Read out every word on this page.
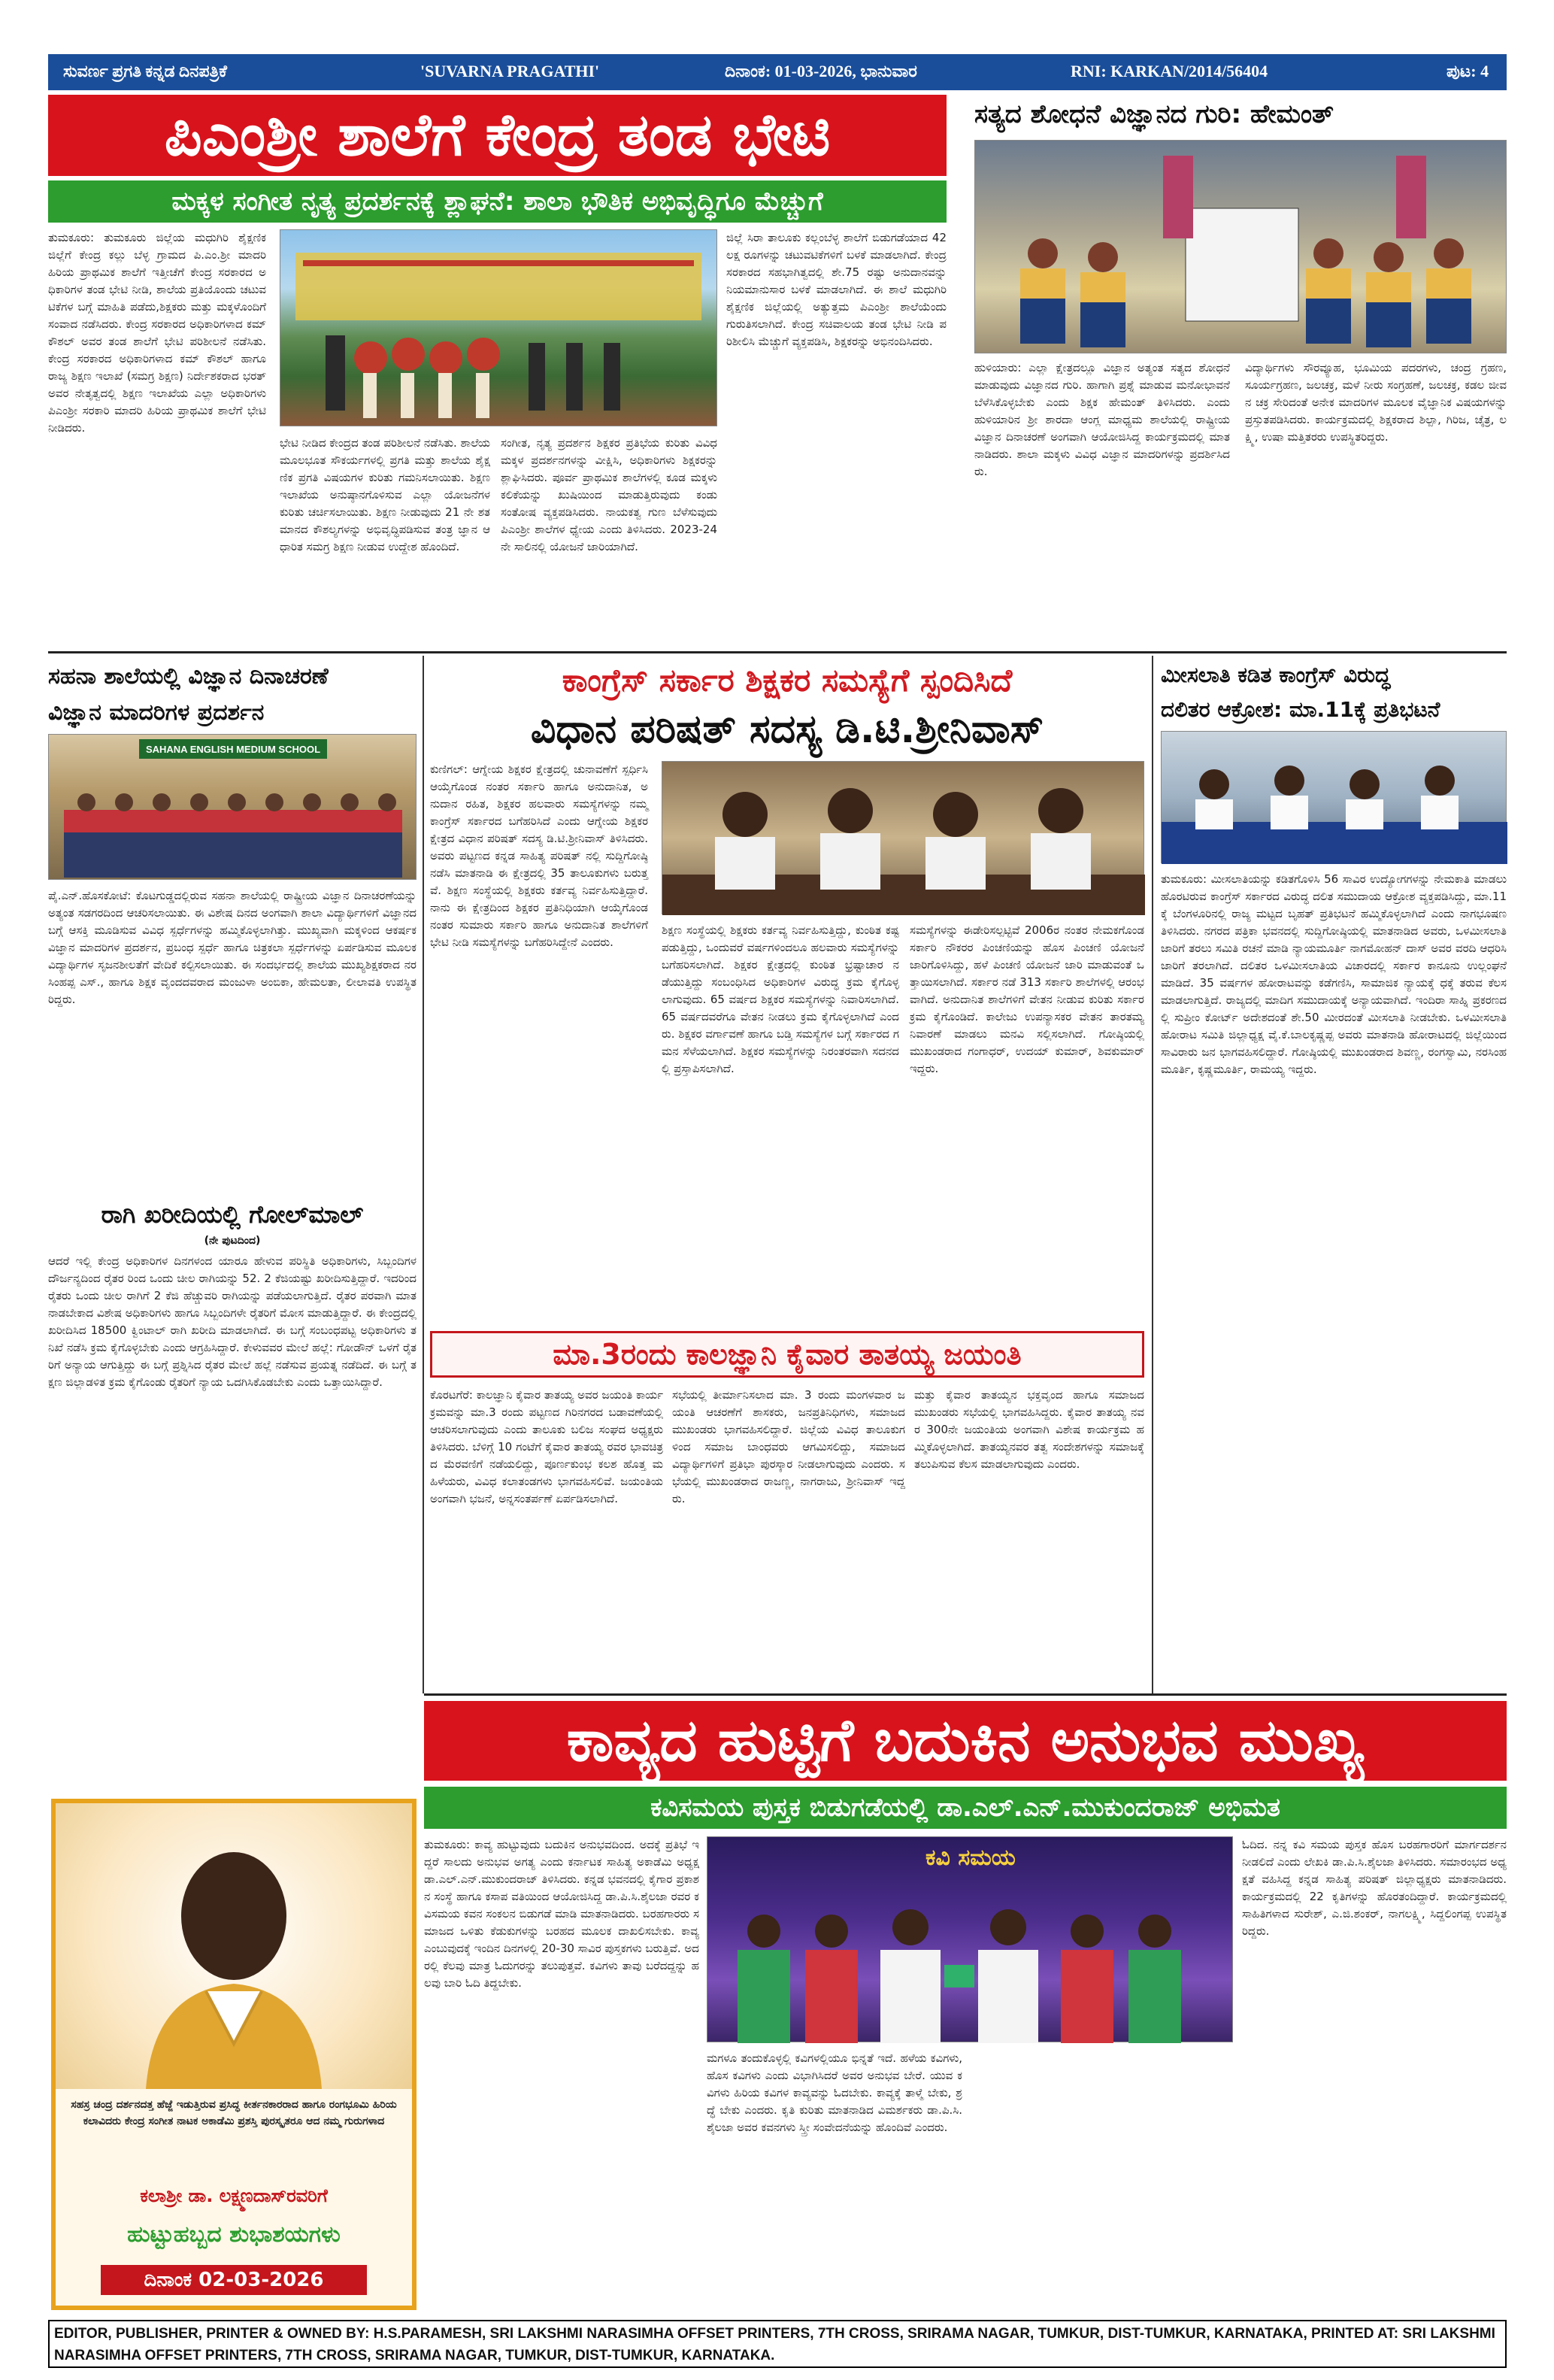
ಸುವರ್ಣ ಪ್ರಗತಿ ಕನ್ನಡ ದಿನಪತ್ರಿಕೆ	'SUVARNA PRAGATHI'	ದಿನಾಂಕ: 01-03-2026, ಭಾನುವಾರ	RNI: KARKAN/2014/56404	ಪುಟ: 4
ಪಿಎಂಶ್ರೀ ಶಾಲೆಗೆ ಕೇಂದ್ರ ತಂಡ ಭೇಟಿ
ಮಕ್ಕಳ ಸಂಗೀತ ನೃತ್ಯ ಪ್ರದರ್ಶನಕ್ಕೆ ಶ್ಲಾಘನೆ: ಶಾಲಾ ಭೌತಿಕ ಅಭಿವೃದ್ಧಿಗೂ ಮೆಚ್ಚುಗೆ
ತುಮಕೂರು: ತುಮಕೂರು ಜಿಲ್ಲೆಯ ಮಧುಗಿರಿ ಶೈಕ್ಷಣಿಕ ಜಿಲ್ಲೆಗೆ ಕೇಂದ್ರ ಕಲ್ಲು ಬೆಳ್ಳ ಗ್ರಾಮದ ಪಿ.ಎಂ.ಶ್ರೀ ಮಾದರಿ ಹಿರಿಯ ಪ್ರಾಥಮಿಕ ಶಾಲೆಗೆ ಇತ್ತೀಚೆಗೆ ಕೇಂದ್ರ ಸರಕಾರದ ಅಧಿಕಾರಿಗಳ ತಂಡ ಭೇಟಿ ನೀಡಿ, ಶಾಲೆಯ ಪ್ರತಿಯೊಂದು ಚಟುವಟಿಕೆಗಳ ಬಗ್ಗೆ ಮಾಹಿತಿ ಪಡೆದು,ಶಿಕ್ಷಕರು ಮತ್ತು ಮಕ್ಕಳೊಂದಿಗೆ ಸಂವಾದ ನಡೆಸಿದರು. ಕೇಂದ್ರ ಸರಕಾರದ ಅಧಿಕಾರಿಗಳಾದ ಕಮ್ ಕೌಶಲ್ ಅವರ ತಂಡ ಶಾಲೆಗೆ ಭೇಟಿ ಪರಿಶೀಲನೆ ನಡೆಸಿತು. ಕೇಂದ್ರ ಸರಕಾರದ ಅಧಿಕಾರಿಗಳಾದ ಕಮ್ ಕೌಶಲ್ ಹಾಗೂ ರಾಜ್ಯ ಶಿಕ್ಷಣ ಇಲಾಖೆ (ಸಮಗ್ರ ಶಿಕ್ಷಣ) ನಿರ್ದೇಶಕರಾದ ಭರತ್ ಅವರ ನೇತೃತ್ವದಲ್ಲಿ ಶಿಕ್ಷಣ ಇಲಾಖೆಯ ಎಲ್ಲಾ ಅಧಿಕಾರಿಗಳು ಪಿಎಂಶ್ರೀ ಸರಕಾರಿ ಮಾದರಿ ಹಿರಿಯ ಪ್ರಾಥಮಿಕ ಶಾಲೆಗೆ ಭೇಟಿ ನೀಡಿದರು.
ಜಿಲ್ಲೆ ಸಿರಾ ತಾಲೂಕು ಕಲ್ಲಂಬೆಳ್ಳ ಶಾಲೆಗೆ ಬಿಡುಗಡೆಯಾದ 42 ಲಕ್ಷ ರೂಗಳನ್ನು ಚಟುವಟಿಕೆಗಳಿಗೆ ಬಳಕೆ ಮಾಡಲಾಗಿದೆ. ಕೇಂದ್ರ ಸರಕಾರದ ಸಹಭಾಗಿತ್ವದಲ್ಲಿ ಶೇ.75 ರಷ್ಟು ಅನುದಾನವನ್ನು ನಿಯಮಾನುಸಾರ ಬಳಕೆ ಮಾಡಲಾಗಿದೆ. ಈ ಶಾಲೆ ಮಧುಗಿರಿ ಶೈಕ್ಷಣಿಕ ಜಿಲ್ಲೆಯಲ್ಲಿ ಅತ್ಯುತ್ತಮ ಪಿಎಂಶ್ರೀ ಶಾಲೆಯೆಂದು ಗುರುತಿಸಲಾಗಿದೆ. ಕೇಂದ್ರ ಸಚಿವಾಲಯ ತಂಡ ಭೇಟಿ ನೀಡಿ ಪರಿಶೀಲಿಸಿ ಮೆಚ್ಚುಗೆ ವ್ಯಕ್ತಪಡಿಸಿ, ಶಿಕ್ಷಕರನ್ನು ಅಭಿನಂದಿಸಿದರು.
ಭೇಟಿ ನೀಡಿದ ಕೇಂದ್ರದ ತಂಡ ಪರಿಶೀಲನೆ ನಡೆಸಿತು. ಶಾಲೆಯ ಮೂಲಭೂತ ಸೌಕರ್ಯಗಳಲ್ಲಿ ಪ್ರಗತಿ ಮತ್ತು ಶಾಲೆಯ ಶೈಕ್ಷಣಿಕ ಪ್ರಗತಿ ವಿಷಯಗಳ ಕುರಿತು ಗಮನಿಸಲಾಯಿತು. ಶಿಕ್ಷಣ ಇಲಾಖೆಯ ಅನುಷ್ಠಾನಗೊಳಿಸುವ ಎಲ್ಲಾ ಯೋಜನೆಗಳ ಕುರಿತು ಚರ್ಚಿಸಲಾಯಿತು. ಶಿಕ್ಷಣ ನೀಡುವುದು 21 ನೇ ಶತಮಾನದ ಕೌಶಲ್ಯಗಳನ್ನು ಅಭಿವೃದ್ಧಿಪಡಿಸುವ ತಂತ್ರ ಜ್ಞಾನ ಆಧಾರಿತ ಸಮಗ್ರ ಶಿಕ್ಷಣ ನೀಡುವ ಉದ್ದೇಶ ಹೊಂದಿದೆ.
ಸಂಗೀತ, ನೃತ್ಯ ಪ್ರದರ್ಶನ ಶಿಕ್ಷಕರ ಪ್ರತಿಭೆಯ ಕುರಿತು ವಿವಿಧ ಮಕ್ಕಳ ಪ್ರದರ್ಶನಗಳನ್ನು ವೀಕ್ಷಿಸಿ, ಅಧಿಕಾರಿಗಳು ಶಿಕ್ಷಕರನ್ನು ಶ್ಲಾಘಿಸಿದರು. ಪೂರ್ವ ಪ್ರಾಥಮಿಕ ಶಾಲೆಗಳಲ್ಲಿ ಕೂಡ ಮಕ್ಕಳು ಕಲಿಕೆಯನ್ನು ಖುಷಿಯಿಂದ ಮಾಡುತ್ತಿರುವುದು ಕಂಡು ಸಂತೋಷ ವ್ಯಕ್ತಪಡಿಸಿದರು. ನಾಯಕತ್ವ ಗುಣ ಬೆಳೆಸುವುದು ಪಿಎಂಶ್ರೀ ಶಾಲೆಗಳ ಧ್ಯೇಯ ಎಂದು ತಿಳಿಸಿದರು. 2023-24ನೇ ಸಾಲಿನಲ್ಲಿ ಯೋಜನೆ ಜಾರಿಯಾಗಿದೆ.
ಸತ್ಯದ ಶೋಧನೆ ವಿಜ್ಞಾನದ ಗುರಿ: ಹೇಮಂತ್
ಹುಳಿಯಾರು: ಎಲ್ಲಾ ಕ್ಷೇತ್ರದಲ್ಲೂ ವಿಜ್ಞಾನ ಅತ್ಯಂತ ಸತ್ಯದ ಶೋಧನೆ ಮಾಡುವುದು ವಿಜ್ಞಾನದ ಗುರಿ. ಹಾಗಾಗಿ ಪ್ರಶ್ನೆ ಮಾಡುವ ಮನೋಭಾವನೆ ಬೆಳೆಸಿಕೊಳ್ಳಬೇಕು ಎಂದು ಶಿಕ್ಷಕ ಹೇಮಂತ್ ತಿಳಿಸಿದರು. ಎಂದು ಹುಳಿಯಾರಿನ ಶ್ರೀ ಶಾರದಾ ಆಂಗ್ಲ ಮಾಧ್ಯಮ ಶಾಲೆಯಲ್ಲಿ ರಾಷ್ಟ್ರೀಯ ವಿಜ್ಞಾನ ದಿನಾಚರಣೆ ಅಂಗವಾಗಿ ಆಯೋಜಿಸಿದ್ದ ಕಾರ್ಯಕ್ರಮದಲ್ಲಿ ಮಾತನಾಡಿದರು. ಶಾಲಾ ಮಕ್ಕಳು ವಿವಿಧ ವಿಜ್ಞಾನ ಮಾದರಿಗಳನ್ನು ಪ್ರದರ್ಶಿಸಿದರು.
ವಿದ್ಯಾರ್ಥಿಗಳು ಸೌರವ್ಯೂಹ, ಭೂಮಿಯ ಪದರಗಳು, ಚಂದ್ರ ಗ್ರಹಣ, ಸೂರ್ಯಗ್ರಹಣ, ಜಲಚಕ್ರ, ಮಳೆ ನೀರು ಸಂಗ್ರಹಣೆ, ಜಲಚಕ್ರ, ಕಡಲ ಜೀವನ ಚಕ್ರ ಸೇರಿದಂತೆ ಅನೇಕ ಮಾದರಿಗಳ ಮೂಲಕ ವೈಜ್ಞಾನಿಕ ವಿಷಯಗಳನ್ನು ಪ್ರಸ್ತುತಪಡಿಸಿದರು. ಕಾರ್ಯಕ್ರಮದಲ್ಲಿ ಶಿಕ್ಷಕರಾದ ಶಿಲ್ಪಾ, ಗಿರಿಜ, ಚೈತ್ರ, ಲಕ್ಷ್ಮಿ, ಉಷಾ ಮತ್ತಿತರರು ಉಪಸ್ಥಿತರಿದ್ದರು.
ಸಹನಾ ಶಾಲೆಯಲ್ಲಿ ವಿಜ್ಞಾನ ದಿನಾಚರಣೆ
ವಿಜ್ಞಾನ ಮಾದರಿಗಳ ಪ್ರದರ್ಶನ
SAHANA ENGLISH MEDIUM SCHOOL
ಪೈ.ಎನ್.ಹೊಸಕೋಟೆ: ಕೊಟಗುಡ್ಡದಲ್ಲಿರುವ ಸಹನಾ ಶಾಲೆಯಲ್ಲಿ ರಾಷ್ಟ್ರೀಯ ವಿಜ್ಞಾನ ದಿನಾಚರಣೆಯನ್ನು ಅತ್ಯಂತ ಸಡಗರದಿಂದ ಆಚರಿಸಲಾಯಿತು. ಈ ವಿಶೇಷ ದಿನದ ಅಂಗವಾಗಿ ಶಾಲಾ ವಿದ್ಯಾರ್ಥಿಗಳಿಗೆ ವಿಜ್ಞಾನದ ಬಗ್ಗೆ ಆಸಕ್ತಿ ಮೂಡಿಸುವ ವಿವಿಧ ಸ್ಪರ್ಧೆಗಳನ್ನು ಹಮ್ಮಿಕೊಳ್ಳಲಾಗಿತ್ತು. ಮುಖ್ಯವಾಗಿ ಮಕ್ಕಳಿಂದ ಆಕರ್ಷಕ ವಿಜ್ಞಾನ ಮಾದರಿಗಳ ಪ್ರದರ್ಶನ, ಪ್ರಬಂಧ ಸ್ಪರ್ಧೆ ಹಾಗೂ ಚಿತ್ರಕಲಾ ಸ್ಪರ್ಧೆಗಳನ್ನು ಏರ್ಪಡಿಸುವ ಮೂಲಕ ವಿದ್ಯಾರ್ಥಿಗಳ ಸೃಜನಶೀಲತೆಗೆ ವೇದಿಕೆ ಕಲ್ಪಿಸಲಾಯಿತು. ಈ ಸಂದರ್ಭದಲ್ಲಿ ಶಾಲೆಯ ಮುಖ್ಯಶಿಕ್ಷಕರಾದ ನರಸಿಂಹಪ್ಪ ಎಸ್., ಹಾಗೂ ಶಿಕ್ಷಕ ವೃಂದದವರಾದ ಮಂಜುಳಾ ಅಂಬಿಕಾ, ಹೇಮಲತಾ, ಲೀಲಾವತಿ ಉಪಸ್ಥಿತರಿದ್ದರು.
ರಾಗಿ ಖರೀದಿಯಲ್ಲಿ ಗೋಲ್‌ಮಾಲ್
(ನೇ ಪುಟದಿಂದ)
ಆದರೆ ಇಲ್ಲಿ ಕೇಂದ್ರ ಅಧಿಕಾರಿಗಳ ದಿನಗಳಂದ ಯಾರೂ ಹೇಳುವ ಪರಿಸ್ಥಿತಿ ಅಧಿಕಾರಿಗಳು, ಸಿಬ್ಬಂದಿಗಳ ದೌರ್ಜನ್ಯದಿಂದ ರೈತರ ರಿಂದ ಒಂದು ಚೀಲ ರಾಗಿಯನ್ನು 52. 2 ಕೆಜಿಯಷ್ಟು ಖರೀದಿಸುತ್ತಿದ್ದಾರೆ. ಇದರಿಂದ ರೈತರು ಒಂದು ಚೀಲ ರಾಗಿಗೆ 2 ಕೆಜಿ ಹೆಚ್ಚುವರಿ ರಾಗಿಯನ್ನು ಪಡೆಯಲಾಗುತ್ತಿದೆ. ರೈತರ ಪರವಾಗಿ ಮಾತನಾಡಬೇಕಾದ ವಿಶೇಷ ಅಧಿಕಾರಿಗಳು ಹಾಗೂ ಸಿಬ್ಬಂದಿಗಳೇ ರೈತರಿಗೆ ಮೋಸ ಮಾಡುತ್ತಿದ್ದಾರೆ. ಈ ಕೇಂದ್ರದಲ್ಲಿ ಖರೀದಿಸಿದ 18500 ಕ್ವಿಂಟಾಲ್ ರಾಗಿ ಖರೀದಿ ಮಾಡಲಾಗಿದೆ. ಈ ಬಗ್ಗೆ ಸಂಬಂಧಪಟ್ಟ ಅಧಿಕಾರಿಗಳು ತನಿಖೆ ನಡೆಸಿ ಕ್ರಮ ಕೈಗೊಳ್ಳಬೇಕು ಎಂದು ಆಗ್ರಹಿಸಿದ್ದಾರೆ. ಕೇಳುವವರ ಮೇಲೆ ಹಲ್ಲೆ: ಗೋಡೌನ್ ಒಳಗೆ ರೈತರಿಗೆ ಅನ್ಯಾಯ ಆಗುತ್ತಿದ್ದು ಈ ಬಗ್ಗೆ ಪ್ರಶ್ನಿಸಿದ ರೈತರ ಮೇಲೆ ಹಲ್ಲೆ ನಡೆಸುವ ಪ್ರಯತ್ನ ನಡೆದಿದೆ. ಈ ಬಗ್ಗೆ ತಕ್ಷಣ ಜಿಲ್ಲಾಡಳಿತ ಕ್ರಮ ಕೈಗೊಂಡು ರೈತರಿಗೆ ನ್ಯಾಯ ಒದಗಿಸಿಕೊಡಬೇಕು ಎಂದು ಒತ್ತಾಯಿಸಿದ್ದಾರೆ.
ಸಹಸ್ರ ಚಂದ್ರ ದರ್ಶನದತ್ತ ಹೆಜ್ಜೆ ಇಡುತ್ತಿರುವ ಪ್ರಸಿದ್ಧ ಕೀರ್ತನಕಾರರಾದ ಹಾಗೂ ರಂಗಭೂಮಿ ಹಿರಿಯ ಕಲಾವಿದರು ಕೇಂದ್ರ ಸಂಗೀತ ನಾಟಕ ಅಕಾಡೆಮಿ ಪ್ರಶಸ್ತಿ ಪುರಸ್ಕೃತರೂ ಆದ ನಮ್ಮ ಗುರುಗಳಾದ
ಕಲಾಶ್ರೀ ಡಾ. ಲಕ್ಷ್ಮಣದಾಸ್‌ರವರಿಗೆ
ಹುಟ್ಟುಹಬ್ಬದ ಶುಭಾಶಯಗಳು
ದಿನಾಂಕ 02-03-2026
ಕಾಂಗ್ರೆಸ್ ಸರ್ಕಾರ ಶಿಕ್ಷಕರ ಸಮಸ್ಯೆಗೆ ಸ್ಪಂದಿಸಿದೆ
ವಿಧಾನ ಪರಿಷತ್ ಸದಸ್ಯ ಡಿ.ಟಿ.ಶ್ರೀನಿವಾಸ್
ಕುಣಿಗಲ್: ಆಗ್ನೇಯ ಶಿಕ್ಷಕರ ಕ್ಷೇತ್ರದಲ್ಲಿ ಚುನಾವಣೆಗೆ ಸ್ಪರ್ಧಿಸಿ ಆಯ್ಕೆಗೊಂಡ ನಂತರ ಸರ್ಕಾರಿ ಹಾಗೂ ಅನುದಾನಿತ, ಅನುದಾನ ರಹಿತ, ಶಿಕ್ಷಕರ ಹಲವಾರು ಸಮಸ್ಯೆಗಳನ್ನು ನಮ್ಮ ಕಾಂಗ್ರೆಸ್ ಸರ್ಕಾರದ ಬಗೆಹರಿಸಿದೆ ಎಂದು ಆಗ್ನೇಯ ಶಿಕ್ಷಕರ ಕ್ಷೇತ್ರದ ವಿಧಾನ ಪರಿಷತ್ ಸದಸ್ಯ ಡಿ.ಟಿ.ಶ್ರೀನಿವಾಸ್ ತಿಳಿಸಿದರು. ಅವರು ಪಟ್ಟಣದ ಕನ್ನಡ ಸಾಹಿತ್ಯ ಪರಿಷತ್ ನಲ್ಲಿ ಸುದ್ದಿಗೋಷ್ಠಿ ನಡೆಸಿ ಮಾತನಾಡಿ ಈ ಕ್ಷೇತ್ರದಲ್ಲಿ 35 ತಾಲೂಕುಗಳು ಬರುತ್ತವೆ. ಶಿಕ್ಷಣ ಸಂಸ್ಥೆಯಲ್ಲಿ ಶಿಕ್ಷಕರು ಕರ್ತವ್ಯ ನಿರ್ವಹಿಸುತ್ತಿದ್ದಾರೆ. ನಾನು ಈ ಕ್ಷೇತ್ರದಿಂದ ಶಿಕ್ಷಕರ ಪ್ರತಿನಿಧಿಯಾಗಿ ಆಯ್ಕೆಗೊಂಡ ನಂತರ ಸುಮಾರು ಸರ್ಕಾರಿ ಹಾಗೂ ಅನುದಾನಿತ ಶಾಲೆಗಳಿಗೆ ಭೇಟಿ ನೀಡಿ ಸಮಸ್ಯೆಗಳನ್ನು ಬಗೆಹರಿಸಿದ್ದೇನೆ ಎಂದರು.
ಶಿಕ್ಷಣ ಸಂಸ್ಥೆಯಲ್ಲಿ ಶಿಕ್ಷಕರು ಕರ್ತವ್ಯ ನಿರ್ವಹಿಸುತ್ತಿದ್ದು, ಕುಂಠಿತ ಕಷ್ಟಪಡುತ್ತಿದ್ದು, ಒಂದುವರೆ ವರ್ಷಗಳಿಂದಲೂ ಹಲವಾರು ಸಮಸ್ಯೆಗಳನ್ನು ಬಗೆಹರಿಸಲಾಗಿದೆ. ಶಿಕ್ಷಕರ ಕ್ಷೇತ್ರದಲ್ಲಿ ಕುಂಠಿತ ಭ್ರಷ್ಟಾಚಾರ ನಡೆಯುತ್ತಿದ್ದು ಸಂಬಂಧಿಸಿದ ಅಧಿಕಾರಿಗಳ ವಿರುದ್ಧ ಕ್ರಮ ಕೈಗೊಳ್ಳಲಾಗುವುದು. 65 ವರ್ಷದ ಶಿಕ್ಷಕರ ಸಮಸ್ಯೆಗಳನ್ನು ನಿವಾರಿಸಲಾಗಿದೆ. 65 ವರ್ಷದವರೆಗೂ ವೇತನ ನೀಡಲು ಕ್ರಮ ಕೈಗೊಳ್ಳಲಾಗಿದೆ ಎಂದರು. ಶಿಕ್ಷಕರ ವರ್ಗಾವಣೆ ಹಾಗೂ ಬಡ್ತಿ ಸಮಸ್ಯೆಗಳ ಬಗ್ಗೆ ಸರ್ಕಾರದ ಗಮನ ಸೆಳೆಯಲಾಗಿದೆ. ಶಿಕ್ಷಕರ ಸಮಸ್ಯೆಗಳನ್ನು ನಿರಂತರವಾಗಿ ಸದನದಲ್ಲಿ ಪ್ರಸ್ತಾಪಿಸಲಾಗಿದೆ.
ಸಮಸ್ಯೆಗಳನ್ನು ಈಡೇರಿಸಲ್ಪಟ್ಟಿವೆ 2006ರ ನಂತರ ನೇಮಕಗೊಂಡ ಸರ್ಕಾರಿ ನೌಕರರ ಪಿಂಚಣಿಯನ್ನು ಹೊಸ ಪಿಂಚಣಿ ಯೋಜನೆ ಜಾರಿಗೊಳಿಸಿದ್ದು, ಹಳೆ ಪಿಂಚಣಿ ಯೋಜನೆ ಜಾರಿ ಮಾಡುವಂತೆ ಒತ್ತಾಯಿಸಲಾಗಿದೆ. ಸರ್ಕಾರ ನಡೆ 313 ಸರ್ಕಾರಿ ಶಾಲೆಗಳಲ್ಲಿ ಆರಂಭವಾಗಿದೆ. ಅನುದಾನಿತ ಶಾಲೆಗಳಿಗೆ ವೇತನ ನೀಡುವ ಕುರಿತು ಸರ್ಕಾರ ಕ್ರಮ ಕೈಗೊಂಡಿದೆ. ಕಾಲೇಜು ಉಪನ್ಯಾಸಕರ ವೇತನ ತಾರತಮ್ಯ ನಿವಾರಣೆ ಮಾಡಲು ಮನವಿ ಸಲ್ಲಿಸಲಾಗಿದೆ. ಗೋಷ್ಠಿಯಲ್ಲಿ ಮುಖಂಡರಾದ ಗಂಗಾಧರ್, ಉದಯ್ ಕುಮಾರ್, ಶಿವಕುಮಾರ್ ಇದ್ದರು.
ಮಾ.3ರಂದು ಕಾಲಜ್ಞಾನಿ ಕೈವಾರ ತಾತಯ್ಯ ಜಯಂತಿ
ಕೊರಟಗೆರೆ: ಕಾಲಜ್ಞಾನಿ ಕೈವಾರ ತಾತಯ್ಯ ಅವರ ಜಯಂತಿ ಕಾರ್ಯಕ್ರಮವನ್ನು ಮಾ.3 ರಂದು ಪಟ್ಟಣದ ಗಿರಿನಗರದ ಬಡಾವಣೆಯಲ್ಲಿ ಆಚರಿಸಲಾಗುವುದು ಎಂದು ತಾಲೂಕು ಬಲಿಜ ಸಂಘದ ಅಧ್ಯಕ್ಷರು ತಿಳಿಸಿದರು. ಬೆಳಿಗ್ಗೆ 10 ಗಂಟೆಗೆ ಕೈವಾರ ತಾತಯ್ಯ ರವರ ಭಾವಚಿತ್ರದ ಮೆರವಣಿಗೆ ನಡೆಯಲಿದ್ದು, ಪೂರ್ಣಕುಂಭ ಕಲಶ ಹೊತ್ತ ಮಹಿಳೆಯರು, ವಿವಿಧ ಕಲಾತಂಡಗಳು ಭಾಗವಹಿಸಲಿವೆ. ಜಯಂತಿಯ ಅಂಗವಾಗಿ ಭಜನೆ, ಅನ್ನಸಂತರ್ಪಣೆ ಏರ್ಪಡಿಸಲಾಗಿದೆ.
ಸಭೆಯಲ್ಲಿ ತೀರ್ಮಾನಿಸಲಾದ ಮಾ. 3 ರಂದು ಮಂಗಳವಾರ ಜಯಂತಿ ಆಚರಣೆಗೆ ಶಾಸಕರು, ಜನಪ್ರತಿನಿಧಿಗಳು, ಸಮಾಜದ ಮುಖಂಡರು ಭಾಗವಹಿಸಲಿದ್ದಾರೆ. ಜಿಲ್ಲೆಯ ವಿವಿಧ ತಾಲೂಕುಗಳಿಂದ ಸಮಾಜ ಬಾಂಧವರು ಆಗಮಿಸಲಿದ್ದು, ಸಮಾಜದ ವಿದ್ಯಾರ್ಥಿಗಳಿಗೆ ಪ್ರತಿಭಾ ಪುರಸ್ಕಾರ ನೀಡಲಾಗುವುದು ಎಂದರು. ಸಭೆಯಲ್ಲಿ ಮುಖಂಡರಾದ ರಾಜಣ್ಣ, ನಾಗರಾಜು, ಶ್ರೀನಿವಾಸ್ ಇದ್ದರು.
ಮತ್ತು ಕೈವಾರ ತಾತಯ್ಯನ ಭಕ್ತವೃಂದ ಹಾಗೂ ಸಮಾಜದ ಮುಖಂಡರು ಸಭೆಯಲ್ಲಿ ಭಾಗವಹಿಸಿದ್ದರು. ಕೈವಾರ ತಾತಯ್ಯ ನವರ 300ನೇ ಜಯಂತಿಯ ಅಂಗವಾಗಿ ವಿಶೇಷ ಕಾರ್ಯಕ್ರಮ ಹಮ್ಮಿಕೊಳ್ಳಲಾಗಿದೆ. ತಾತಯ್ಯನವರ ತತ್ವ ಸಂದೇಶಗಳನ್ನು ಸಮಾಜಕ್ಕೆ ತಲುಪಿಸುವ ಕೆಲಸ ಮಾಡಲಾಗುವುದು ಎಂದರು.
ಮೀಸಲಾತಿ ಕಡಿತ ಕಾಂಗ್ರೆಸ್ ವಿರುದ್ಧ
ದಲಿತರ ಆಕ್ರೋಶ: ಮಾ.11ಕ್ಕೆ ಪ್ರತಿಭಟನೆ
ತುಮಕೂರು: ಮೀಸಲಾತಿಯನ್ನು ಕಡಿತಗೊಳಿಸಿ 56 ಸಾವಿರ ಉದ್ಯೋಗಗಳನ್ನು ನೇಮಕಾತಿ ಮಾಡಲು ಹೊರಟಿರುವ ಕಾಂಗ್ರೆಸ್ ಸರ್ಕಾರದ ವಿರುದ್ಧ ದಲಿತ ಸಮುದಾಯ ಆಕ್ರೋಶ ವ್ಯಕ್ತಪಡಿಸಿದ್ದು, ಮಾ.11ಕ್ಕೆ ಬೆಂಗಳೂರಿನಲ್ಲಿ ರಾಜ್ಯ ಮಟ್ಟದ ಬೃಹತ್ ಪ್ರತಿಭಟನೆ ಹಮ್ಮಿಕೊಳ್ಳಲಾಗಿದೆ ಎಂದು ನಾಗಭೂಷಣ ತಿಳಿಸಿದರು. ನಗರದ ಪತ್ರಿಕಾ ಭವನದಲ್ಲಿ ಸುದ್ದಿಗೋಷ್ಠಿಯಲ್ಲಿ ಮಾತನಾಡಿದ ಅವರು, ಒಳಮೀಸಲಾತಿ ಜಾರಿಗೆ ತರಲು ಸಮಿತಿ ರಚನೆ ಮಾಡಿ ನ್ಯಾಯಮೂರ್ತಿ ನಾಗಮೋಹನ್ ದಾಸ್ ಅವರ ವರದಿ ಆಧರಿಸಿ ಜಾರಿಗೆ ತರಲಾಗಿದೆ. ದಲಿತರ ಒಳಮೀಸಲಾತಿಯ ವಿಚಾರದಲ್ಲಿ ಸರ್ಕಾರ ಕಾನೂನು ಉಲ್ಲಂಘನೆ ಮಾಡಿದೆ. 35 ವರ್ಷಗಳ ಹೋರಾಟವನ್ನು ಕಡೆಗಣಿಸಿ, ಸಾಮಾಜಿಕ ನ್ಯಾಯಕ್ಕೆ ಧಕ್ಕೆ ತರುವ ಕೆಲಸ ಮಾಡಲಾಗುತ್ತಿದೆ. ರಾಜ್ಯದಲ್ಲಿ ಮಾದಿಗ ಸಮುದಾಯಕ್ಕೆ ಅನ್ಯಾಯವಾಗಿದೆ. ಇಂದಿರಾ ಸಾಹ್ನಿ ಪ್ರಕರಣದಲ್ಲಿ ಸುಪ್ರೀಂ ಕೋರ್ಟ್ ಅದೇಶದಂತೆ ಶೇ.50 ಮೀರದಂತೆ ಮೀಸಲಾತಿ ನೀಡಬೇಕು. ಒಳಮೀಸಲಾತಿ ಹೋರಾಟ ಸಮಿತಿ ಜಿಲ್ಲಾಧ್ಯಕ್ಷ ವೈ.ಕೆ.ಬಾಲಕೃಷ್ಣಪ್ಪ ಅವರು ಮಾತನಾಡಿ ಹೋರಾಟದಲ್ಲಿ ಜಿಲ್ಲೆಯಿಂದ ಸಾವಿರಾರು ಜನ ಭಾಗವಹಿಸಲಿದ್ದಾರೆ. ಗೋಷ್ಠಿಯಲ್ಲಿ ಮುಖಂಡರಾದ ಶಿವಣ್ಣ, ರಂಗಸ್ವಾಮಿ, ನರಸಿಂಹಮೂರ್ತಿ, ಕೃಷ್ಣಮೂರ್ತಿ, ರಾಮಯ್ಯ ಇದ್ದರು.
ಕಾವ್ಯದ ಹುಟ್ಟಿಗೆ ಬದುಕಿನ ಅನುಭವ ಮುಖ್ಯ
ಕವಿಸಮಯ ಪುಸ್ತಕ ಬಿಡುಗಡೆಯಲ್ಲಿ ಡಾ.ಎಲ್.ಎನ್.ಮುಕುಂದರಾಜ್ ಅಭಿಮತ
ತುಮಕೂರು: ಕಾವ್ಯ ಹುಟ್ಟುವುದು ಬದುಕಿನ ಅನುಭವದಿಂದ. ಅದಕ್ಕೆ ಪ್ರತಿಭೆ ಇದ್ದರೆ ಸಾಲದು ಅನುಭವ ಅಗತ್ಯ ಎಂದು ಕರ್ನಾಟಕ ಸಾಹಿತ್ಯ ಅಕಾಡೆಮಿ ಅಧ್ಯಕ್ಷ ಡಾ.ಎಲ್.ಎನ್.ಮುಕುಂದರಾಜ್ ತಿಳಿಸಿದರು. ಕನ್ನಡ ಭವನದಲ್ಲಿ ಕೈಗಾರ ಪ್ರಕಾಶನ ಸಂಸ್ಥೆ ಹಾಗೂ ಕಸಾಪ ವತಿಯಿಂದ ಆಯೋಜಿಸಿದ್ದ ಡಾ.ಪಿ.ಸಿ.ಶೈಲಜಾ ರವರ ಕವಿಸಮಯ ಕವನ ಸಂಕಲನ ಬಿಡುಗಡೆ ಮಾಡಿ ಮಾತನಾಡಿದರು. ಬರಹಗಾರರು ಸಮಾಜದ ಒಳಿತು ಕೆಡುಕುಗಳನ್ನು ಬರಹದ ಮೂಲಕ ದಾಖಲಿಸಬೇಕು. ಕಾವ್ಯ ಎಂಬುವುದಕ್ಕೆ ಇಂದಿನ ದಿನಗಳಲ್ಲಿ 20-30 ಸಾವಿರ ಪುಸ್ತಕಗಳು ಬರುತ್ತಿವೆ. ಅದರಲ್ಲಿ ಕೆಲವು ಮಾತ್ರ ಓದುಗರನ್ನು ತಲುಪುತ್ತವೆ. ಕವಿಗಳು ತಾವು ಬರೆದದ್ದನ್ನು ಹಲವು ಬಾರಿ ಓದಿ ತಿದ್ದಬೇಕು.
ಕವಿ ಸಮಯ
ಮಗಳೂ ತಂದುಕೊಳ್ಳಲ್ಲಿ ಕವಿಗಳಲ್ಲಿಯೂ ಭಿನ್ನತೆ ಇದೆ. ಹಳೆಯ ಕವಿಗಳು, ಹೊಸ ಕವಿಗಳು ಎಂದು ವಿಭಾಗಿಸಿದರೆ ಅವರ ಅನುಭವ ಬೇರೆ. ಯುವ ಕವಿಗಳು ಹಿರಿಯ ಕವಿಗಳ ಕಾವ್ಯವನ್ನು ಓದಬೇಕು. ಕಾವ್ಯಕ್ಕೆ ತಾಳ್ಮೆ ಬೇಕು, ಶ್ರದ್ಧೆ ಬೇಕು ಎಂದರು. ಕೃತಿ ಕುರಿತು ಮಾತನಾಡಿದ ವಿಮರ್ಶಕರು ಡಾ.ಪಿ.ಸಿ.ಶೈಲಜಾ ಅವರ ಕವನಗಳು ಸ್ತ್ರೀ ಸಂವೇದನೆಯನ್ನು ಹೊಂದಿವೆ ಎಂದರು.
ಓದಿದ. ನನ್ನ ಕವಿ ಸಮಯ ಪುಸ್ತಕ ಹೊಸ ಬರಹಗಾರರಿಗೆ ಮಾರ್ಗದರ್ಶನ ನೀಡಲಿದೆ ಎಂದು ಲೇಖಕಿ ಡಾ.ಪಿ.ಸಿ.ಶೈಲಜಾ ತಿಳಿಸಿದರು. ಸಮಾರಂಭದ ಅಧ್ಯಕ್ಷತೆ ವಹಿಸಿದ್ದ ಕನ್ನಡ ಸಾಹಿತ್ಯ ಪರಿಷತ್ ಜಿಲ್ಲಾಧ್ಯಕ್ಷರು ಮಾತನಾಡಿದರು. ಕಾರ್ಯಕ್ರಮದಲ್ಲಿ 22 ಕೃತಿಗಳನ್ನು ಹೊರತಂದಿದ್ದಾರೆ. ಕಾರ್ಯಕ್ರಮದಲ್ಲಿ ಸಾಹಿತಿಗಳಾದ ಸುರೇಶ್, ಎ.ಜಿ.ಶಂಕರ್, ನಾಗಲಕ್ಷ್ಮಿ, ಸಿದ್ದಲಿಂಗಪ್ಪ ಉಪಸ್ಥಿತರಿದ್ದರು.
EDITOR, PUBLISHER, PRINTER & OWNED BY: H.S.PARAMESH, SRI LAKSHMI NARASIMHA OFFSET PRINTERS, 7TH CROSS, SRIRAMA NAGAR, TUMKUR, DIST-TUMKUR, KARNATAKA, PRINTED AT: SRI LAKSHMI NARASIMHA OFFSET PRINTERS, 7TH CROSS, SRIRAMA NAGAR, TUMKUR, DIST-TUMKUR, KARNATAKA.
